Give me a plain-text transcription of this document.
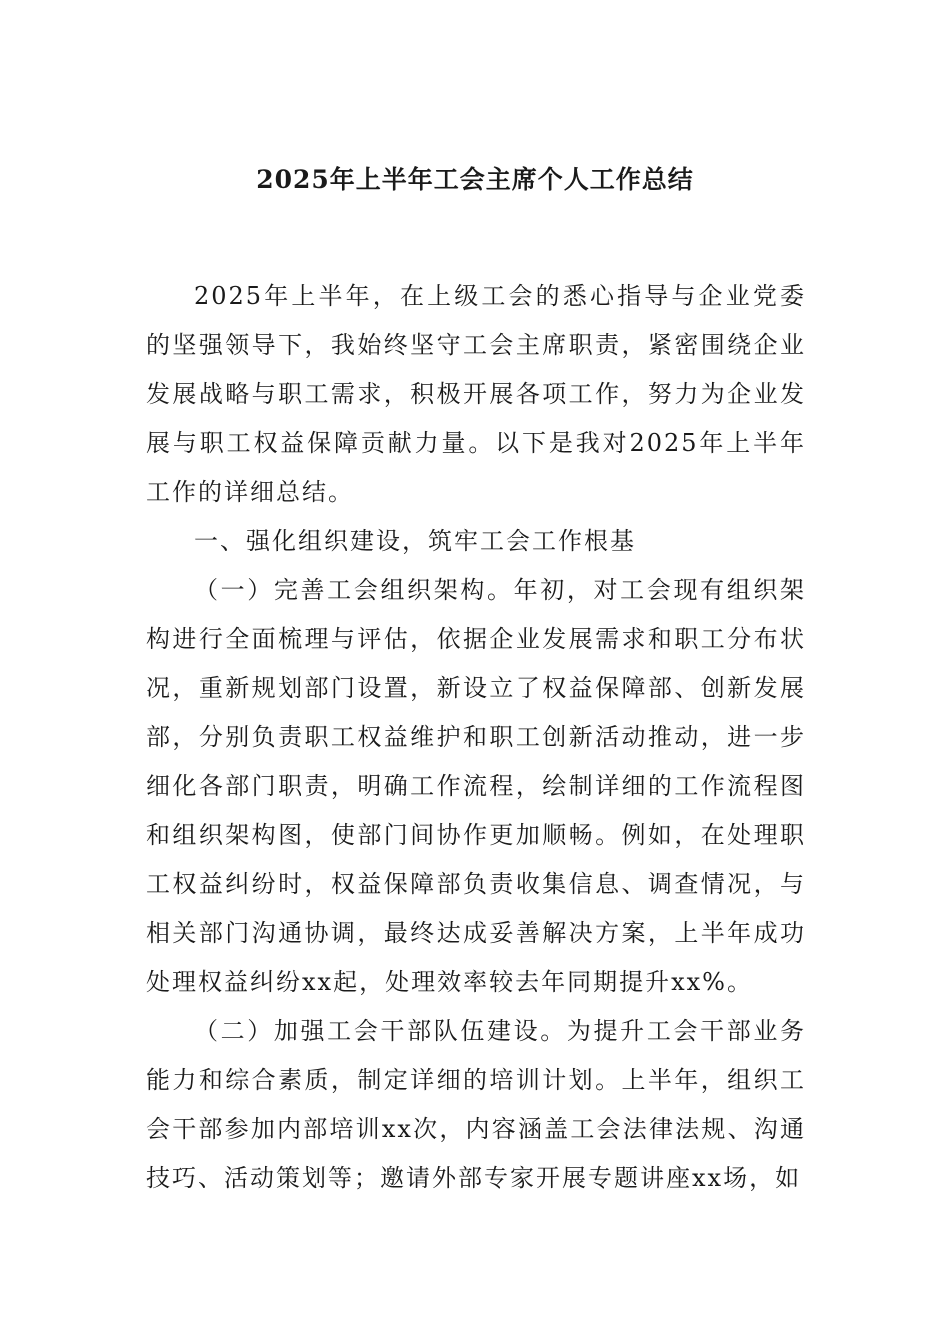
2025年上半年工会主席个人工作总结

2025年上半年，在上级工会的悉心指导与企业党委的坚强领导下，我始终坚守工会主席职责，紧密围绕企业发展战略与职工需求，积极开展各项工作，努力为企业发展与职工权益保障贡献力量。以下是我对2025年上半年工作的详细总结。

一、强化组织建设，筑牢工会工作根基

（一）完善工会组织架构。年初，对工会现有组织架构进行全面梳理与评估，依据企业发展需求和职工分布状况，重新规划部门设置，新设立了权益保障部、创新发展部，分别负责职工权益维护和职工创新活动推动，进一步细化各部门职责，明确工作流程，绘制详细的工作流程图和组织架构图，使部门间协作更加顺畅。例如，在处理职工权益纠纷时，权益保障部负责收集信息、调查情况，与相关部门沟通协调，最终达成妥善解决方案，上半年成功处理权益纠纷xx起，处理效率较去年同期提升xx%。

（二）加强工会干部队伍建设。为提升工会干部业务能力和综合素质，制定详细的培训计划。上半年，组织工会干部参加内部培训xx次，内容涵盖工会法律法规、沟通技巧、活动策划等；邀请外部专家开展专题讲座xx场，如
